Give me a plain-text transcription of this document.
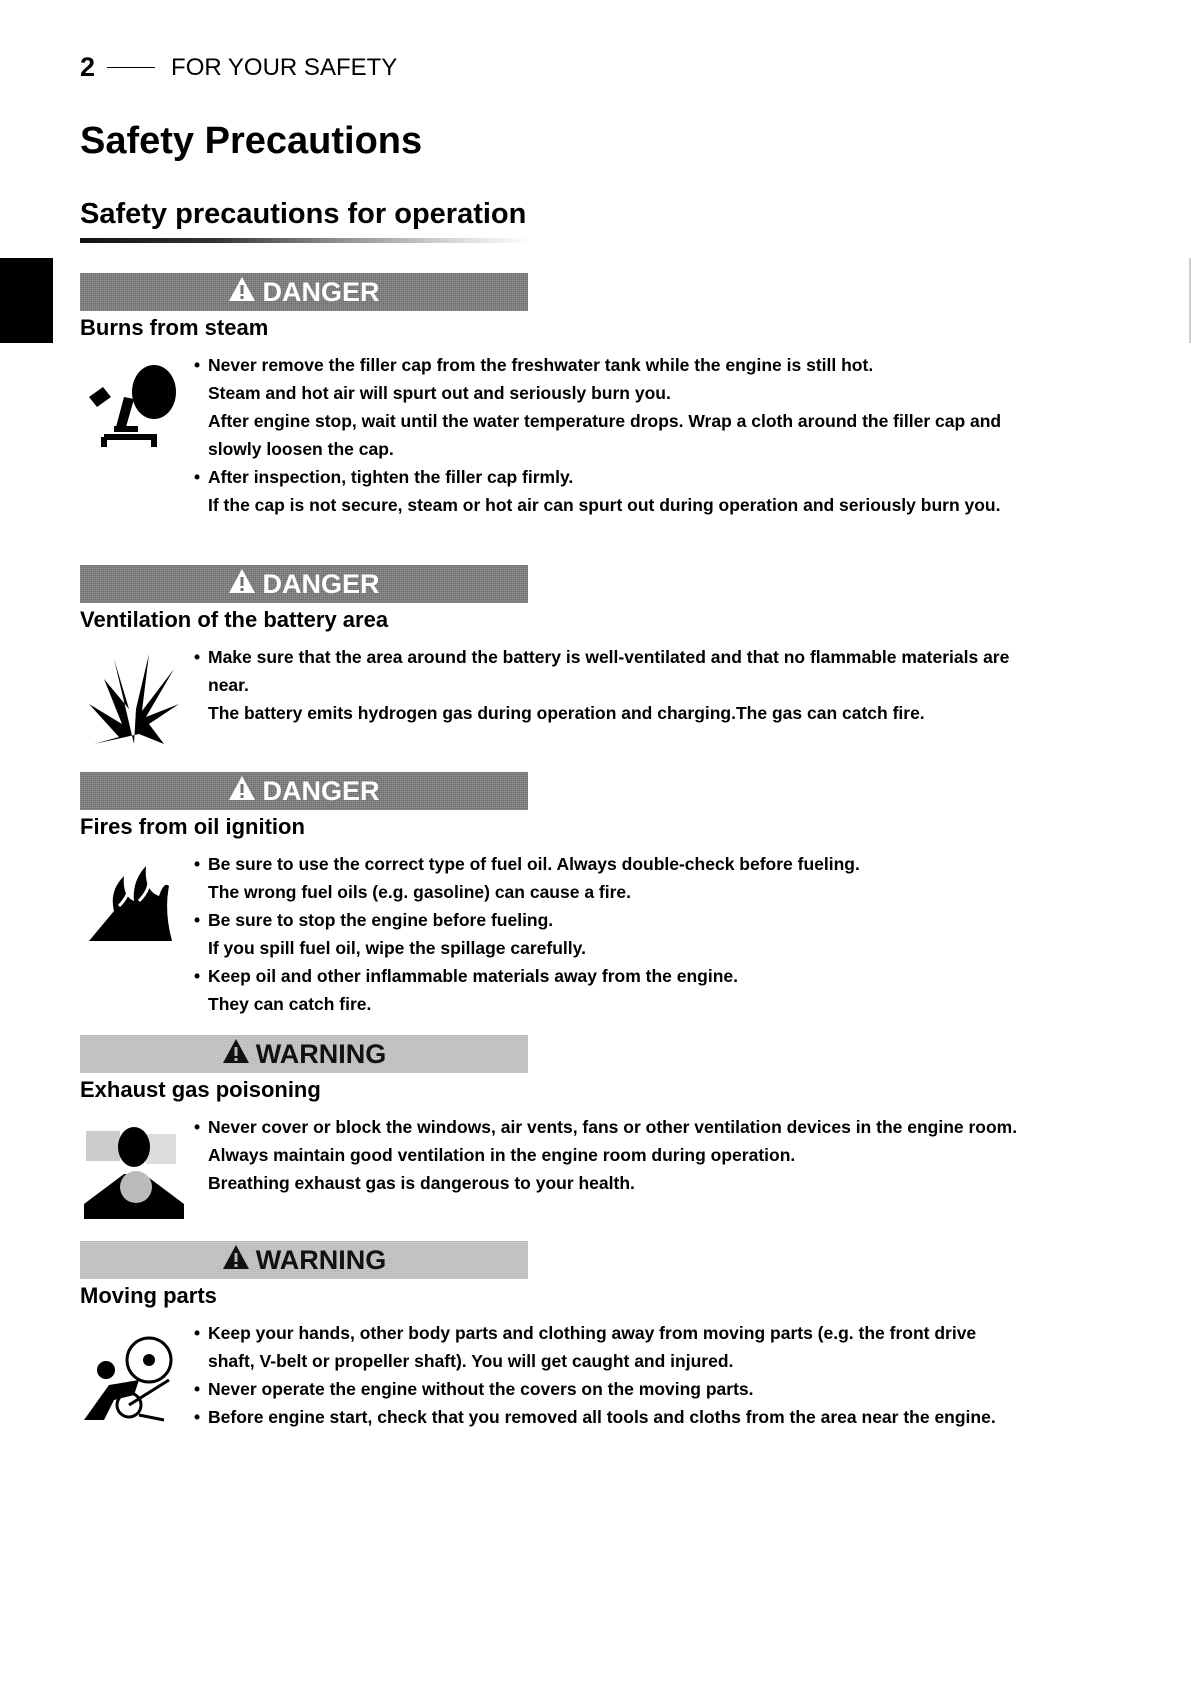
2	FOR YOUR SAFETY
Safety Precautions
Safety precautions for operation
DANGER
Burns from steam
• Never remove the filler cap from the freshwater tank while the engine is still hot.
Steam and hot air will spurt out and seriously burn you.
After engine stop, wait until the water temperature drops. Wrap a cloth around the filler cap and slowly loosen the cap.
• After inspection, tighten the filler cap firmly.
If the cap is not secure, steam or hot air can spurt out during operation and seriously burn you.
DANGER
Ventilation of the battery area
• Make sure that the area around the battery is well-ventilated and that no flammable materials are near.
The battery emits hydrogen gas during operation and charging.The gas can catch fire.
DANGER
Fires from oil ignition
• Be sure to use the correct type of fuel oil. Always double-check before fueling.
The wrong fuel oils (e.g. gasoline) can cause a fire.
• Be sure to stop the engine before fueling.
If you spill fuel oil, wipe the spillage carefully.
• Keep oil and other inflammable materials away from the engine.
They can catch fire.
WARNING
Exhaust gas poisoning
• Never cover or block the windows, air vents, fans or other ventilation devices in the engine room. Always maintain good ventilation in the engine room during operation.
Breathing exhaust gas is dangerous to your health.
WARNING
Moving parts
• Keep your hands, other body parts and clothing away from moving parts (e.g. the front drive shaft, V-belt or propeller shaft). You will get caught and injured.
• Never operate the engine without the covers on the moving parts.
• Before engine start, check that you removed all tools and cloths from the area near the engine.
